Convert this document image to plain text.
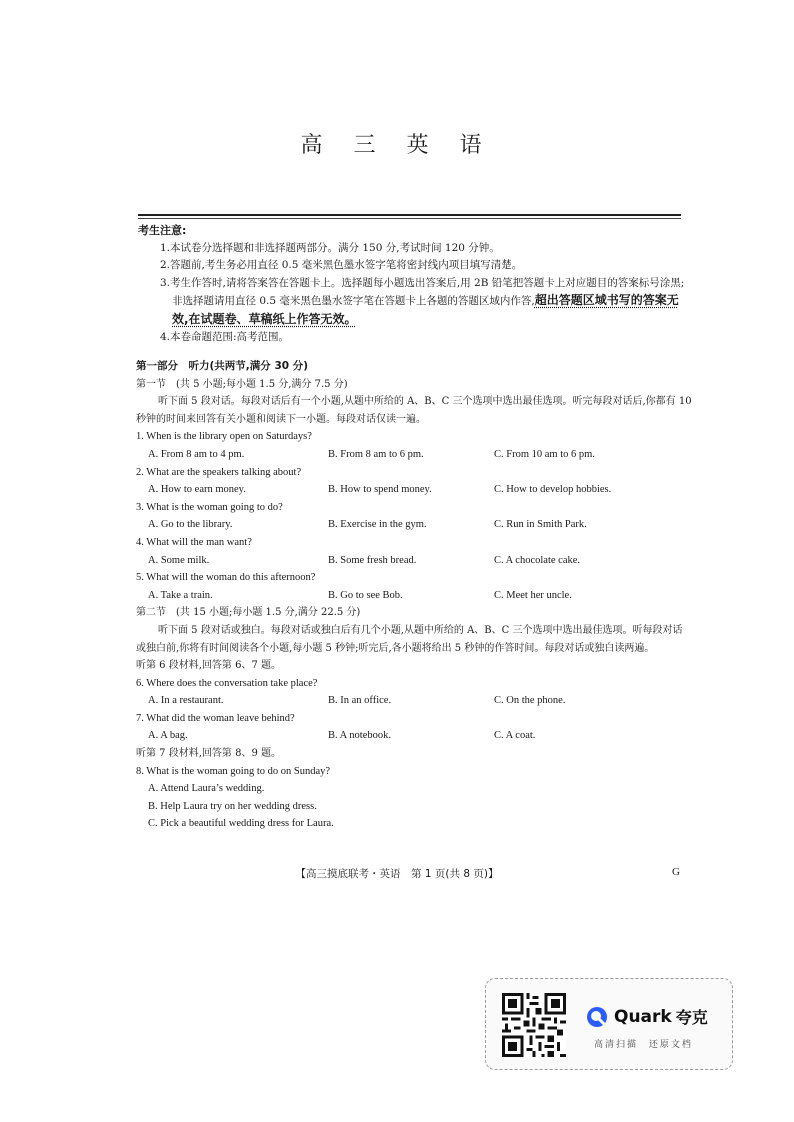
高 三 英 语
考生注意:
1.本试卷分选择题和非选择题两部分。满分 150 分,考试时间 120 分钟。
2.答题前,考生务必用直径 0.5 毫米黑色墨水签字笔将密封线内项目填写清楚。
3.考生作答时,请将答案答在答题卡上。选择题每小题选出答案后,用 2B 铅笔把答题卡上对应题目的答案标号涂黑;非选择题请用直径 0.5 毫米黑色墨水签字笔在答题卡上各题的答题区域内作答,超出答题区域书写的答案无效,在试题卷、草稿纸上作答无效。
4.本卷命题范围:高考范围。
第一部分　听力(共两节,满分 30 分)
第一节　(共 5 小题;每小题 1.5 分,满分 7.5 分)
听下面 5 段对话。每段对话后有一个小题,从题中所给的 A、B、C 三个选项中选出最佳选项。听完每段对话后,你都有 10 秒钟的时间来回答有关小题和阅读下一小题。每段对话仅读一遍。
1. When is the library open on Saturdays?
A. From 8 am to 4 pm.	B. From 8 am to 6 pm.	C. From 10 am to 6 pm.
2. What are the speakers talking about?
A. How to earn money.	B. How to spend money.	C. How to develop hobbies.
3. What is the woman going to do?
A. Go to the library.	B. Exercise in the gym.	C. Run in Smith Park.
4. What will the man want?
A. Some milk.	B. Some fresh bread.	C. A chocolate cake.
5. What will the woman do this afternoon?
A. Take a train.	B. Go to see Bob.	C. Meet her uncle.
第二节　(共 15 小题;每小题 1.5 分,满分 22.5 分)
听下面 5 段对话或独白。每段对话或独白后有几个小题,从题中所给的 A、B、C 三个选项中选出最佳选项。听每段对话或独白前,你将有时间阅读各个小题,每小题 5 秒钟;听完后,各小题将给出 5 秒钟的作答时间。每段对话或独白读两遍。
听第 6 段材料,回答第 6、7 题。
6. Where does the conversation take place?
A. In a restaurant.	B. In an office.	C. On the phone.
7. What did the woman leave behind?
A. A bag.	B. A notebook.	C. A coat.
听第 7 段材料,回答第 8、9 题。
8. What is the woman going to do on Sunday?
A. Attend Laura’s wedding.
B. Help Laura try on her wedding dress.
C. Pick a beautiful wedding dress for Laura.
【高三摸底联考・英语　第 1 页(共 8 页)】	G
Quark 夸克
高清扫描 还原文档
